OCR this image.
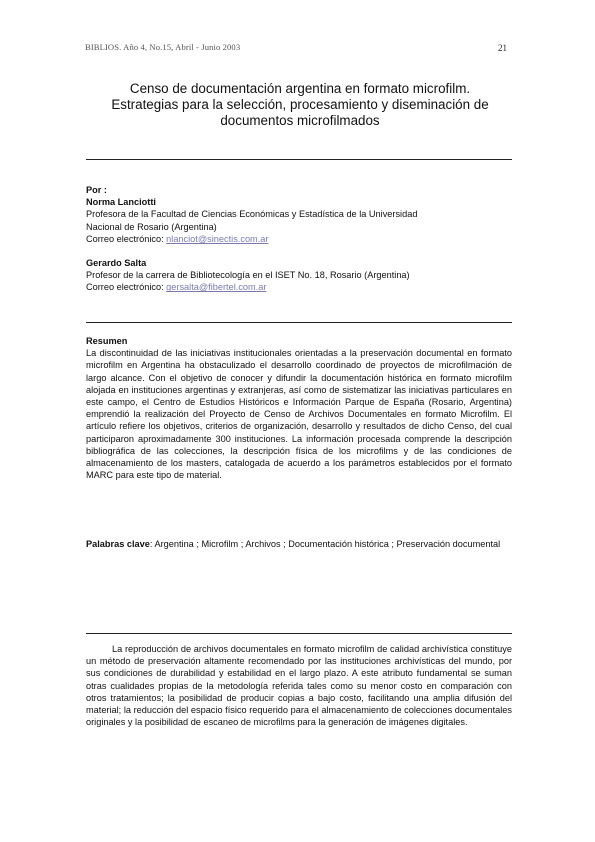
BIBLIOS. Año 4, No.15, Abril - Junio 2003	21
Censo de documentación argentina en formato microfilm.
Estrategias para la selección, procesamiento y diseminación de
documentos microfilmados
Por :
Norma Lanciotti
Profesora de la Facultad de Ciencias Económicas y Estadística de la Universidad
Nacional de Rosario (Argentina)
Correo electrónico: nlanciot@sinectis.com.ar
Gerardo Salta
Profesor de la carrera de Bibliotecología en el ISET No. 18, Rosario (Argentina)
Correo electrónico: gersalta@fibertel.com.ar
Resumen
La discontinuidad de las iniciativas institucionales orientadas a la preservación documental en formato microfilm en Argentina ha obstaculizado el desarrollo coordinado de proyectos de microfilmación de largo alcance. Con el objetivo de conocer y difundir la documentación histórica en formato microfilm alojada en instituciones argentinas y extranjeras, así como de sistematizar las iniciativas particulares en este campo, el Centro de Estudios Históricos e Información Parque de España (Rosario, Argentina) emprendió la realización del Proyecto de Censo de Archivos Documentales en formato Microfilm. El artículo refiere los objetivos, criterios de organización, desarrollo y resultados de dicho Censo, del cual participaron aproximadamente 300 instituciones. La información procesada comprende la descripción bibliográfica de las colecciones, la descripción física de los microfilms y de las condiciones de almacenamiento de los masters, catalogada de acuerdo a los parámetros establecidos por el formato MARC para este tipo de material.
Palabras clave: Argentina ; Microfilm ; Archivos ; Documentación histórica ; Preservación documental
La reproducción de archivos documentales en formato microfilm de calidad archivística constituye un método de preservación altamente recomendado por las instituciones archivísticas del mundo, por sus condiciones de durabilidad y estabilidad en el largo plazo. A este atributo fundamental se suman otras cualidades propias de la metodología referida tales como su menor costo en comparación con otros tratamientos; la posibilidad de producir copias a bajo costo, facilitando una amplia difusión del material; la reducción del espacio físico requerido para el almacenamiento de colecciones documentales originales y la posibilidad de escaneo de microfilms para la generación de imágenes digitales.
